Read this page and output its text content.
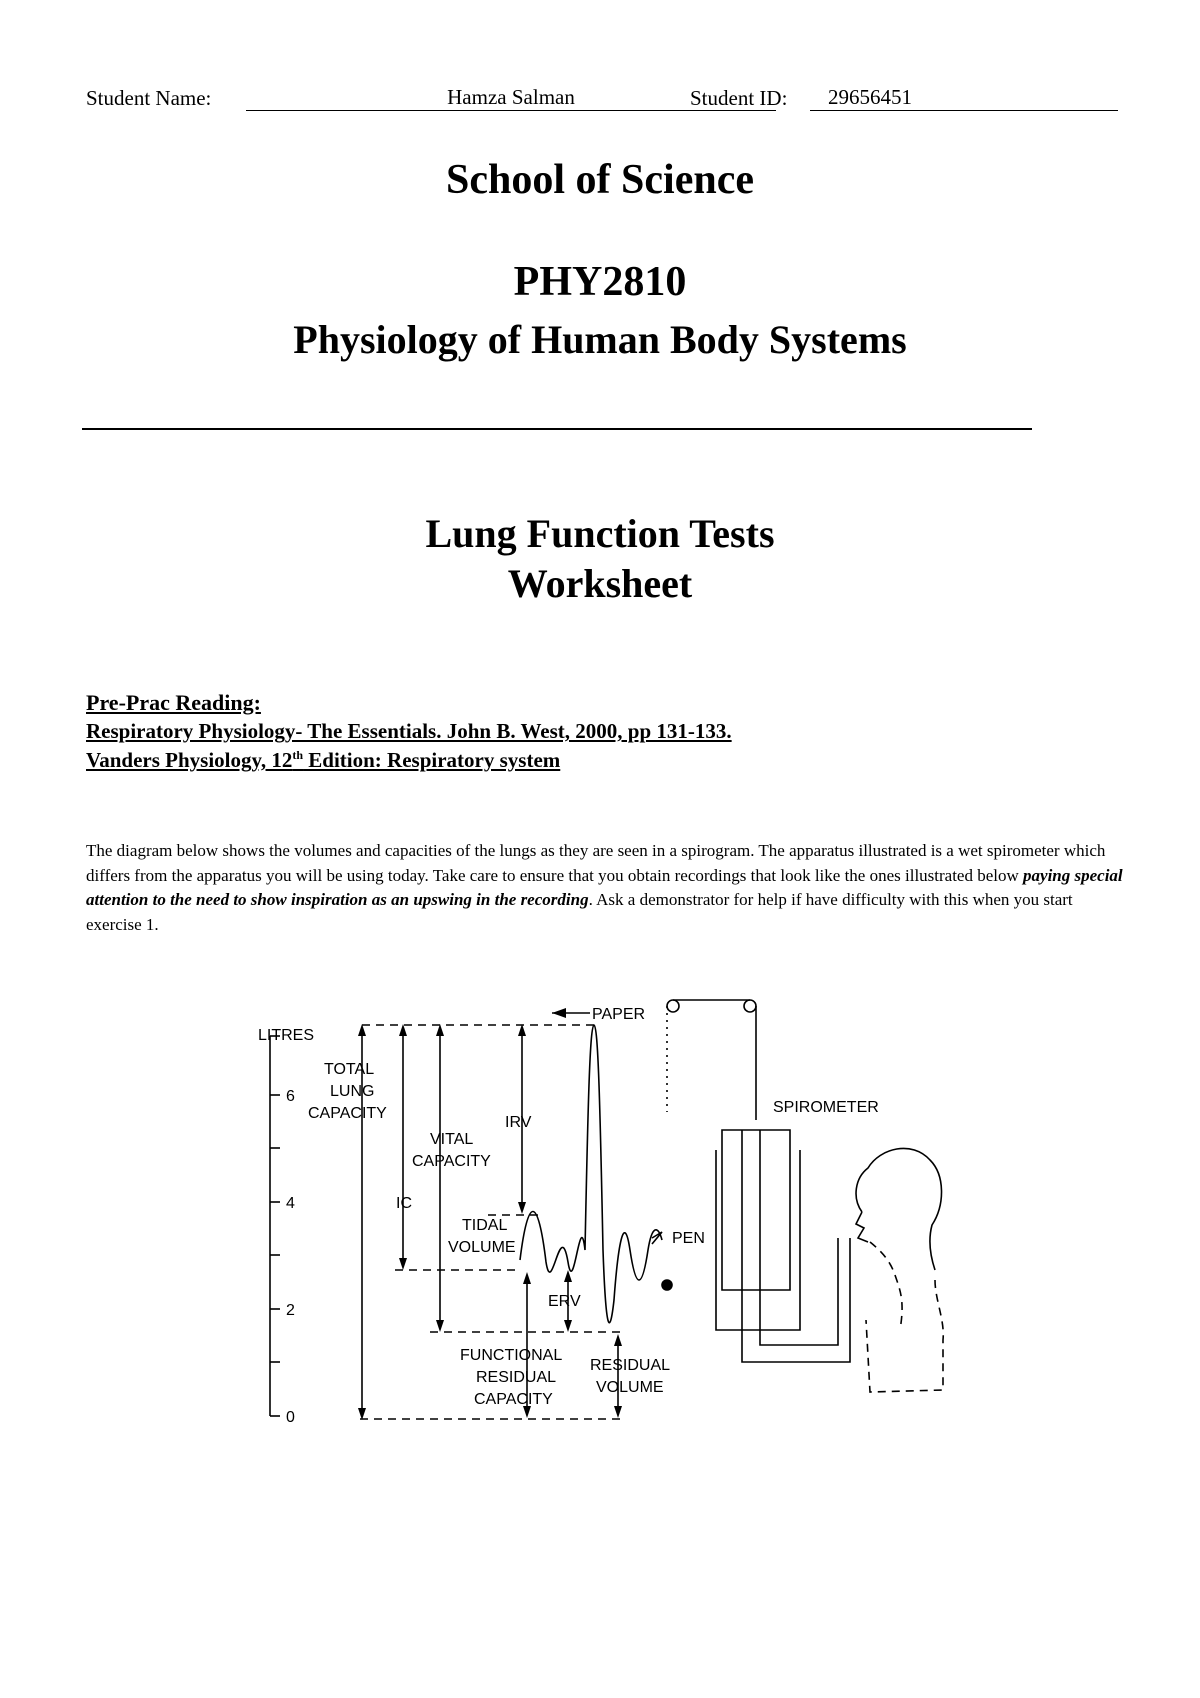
Student Name:	Hamza Salman	Student ID:	29656451
School of Science
PHY2810
Physiology of Human Body Systems
Lung Function Tests
Worksheet
Pre-Prac Reading:
Respiratory Physiology- The Essentials. John B. West, 2000, pp 131-133.
Vanders Physiology, 12th Edition: Respiratory system
The diagram below shows the volumes and capacities of the lungs as they are seen in a spirogram. The apparatus illustrated is a wet spirometer which differs from the apparatus you will be using today. Take care to ensure that you obtain recordings that look like the ones illustrated below paying special attention to the need to show inspiration as an upswing in the recording. Ask a demonstrator for help if have difficulty with this when you start exercise 1.
LITRES
6
4
2
0
PAPER
SPIROMETER
PEN
TOTAL
LUNG
CAPACITY
VITAL
CAPACITY
IRV
IC
TIDAL
VOLUME
ERV
FUNCTIONAL
RESIDUAL
CAPACITY
RESIDUAL
VOLUME
